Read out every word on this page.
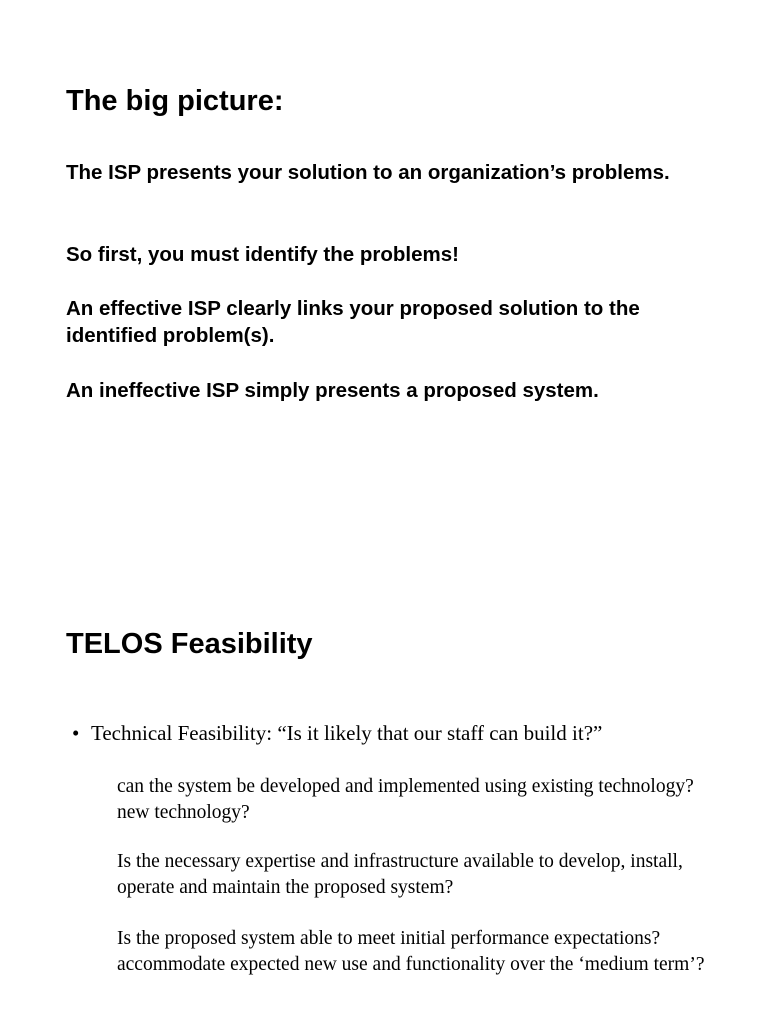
The big picture:

The ISP presents your solution to an organization’s problems.

So first, you must identify the problems!

An effective ISP clearly links your proposed solution to the identified problem(s).

An ineffective ISP simply presents a proposed system.

TELOS Feasibility
• Technical Feasibility: “Is it likely that our staff can build it?”

can the system be developed and implemented using existing technology? new technology?

Is the necessary expertise and infrastructure available to develop, install, operate and maintain the proposed system?

Is the proposed system able to meet initial performance expectations? accommodate expected new use and functionality over the ‘medium term’?
